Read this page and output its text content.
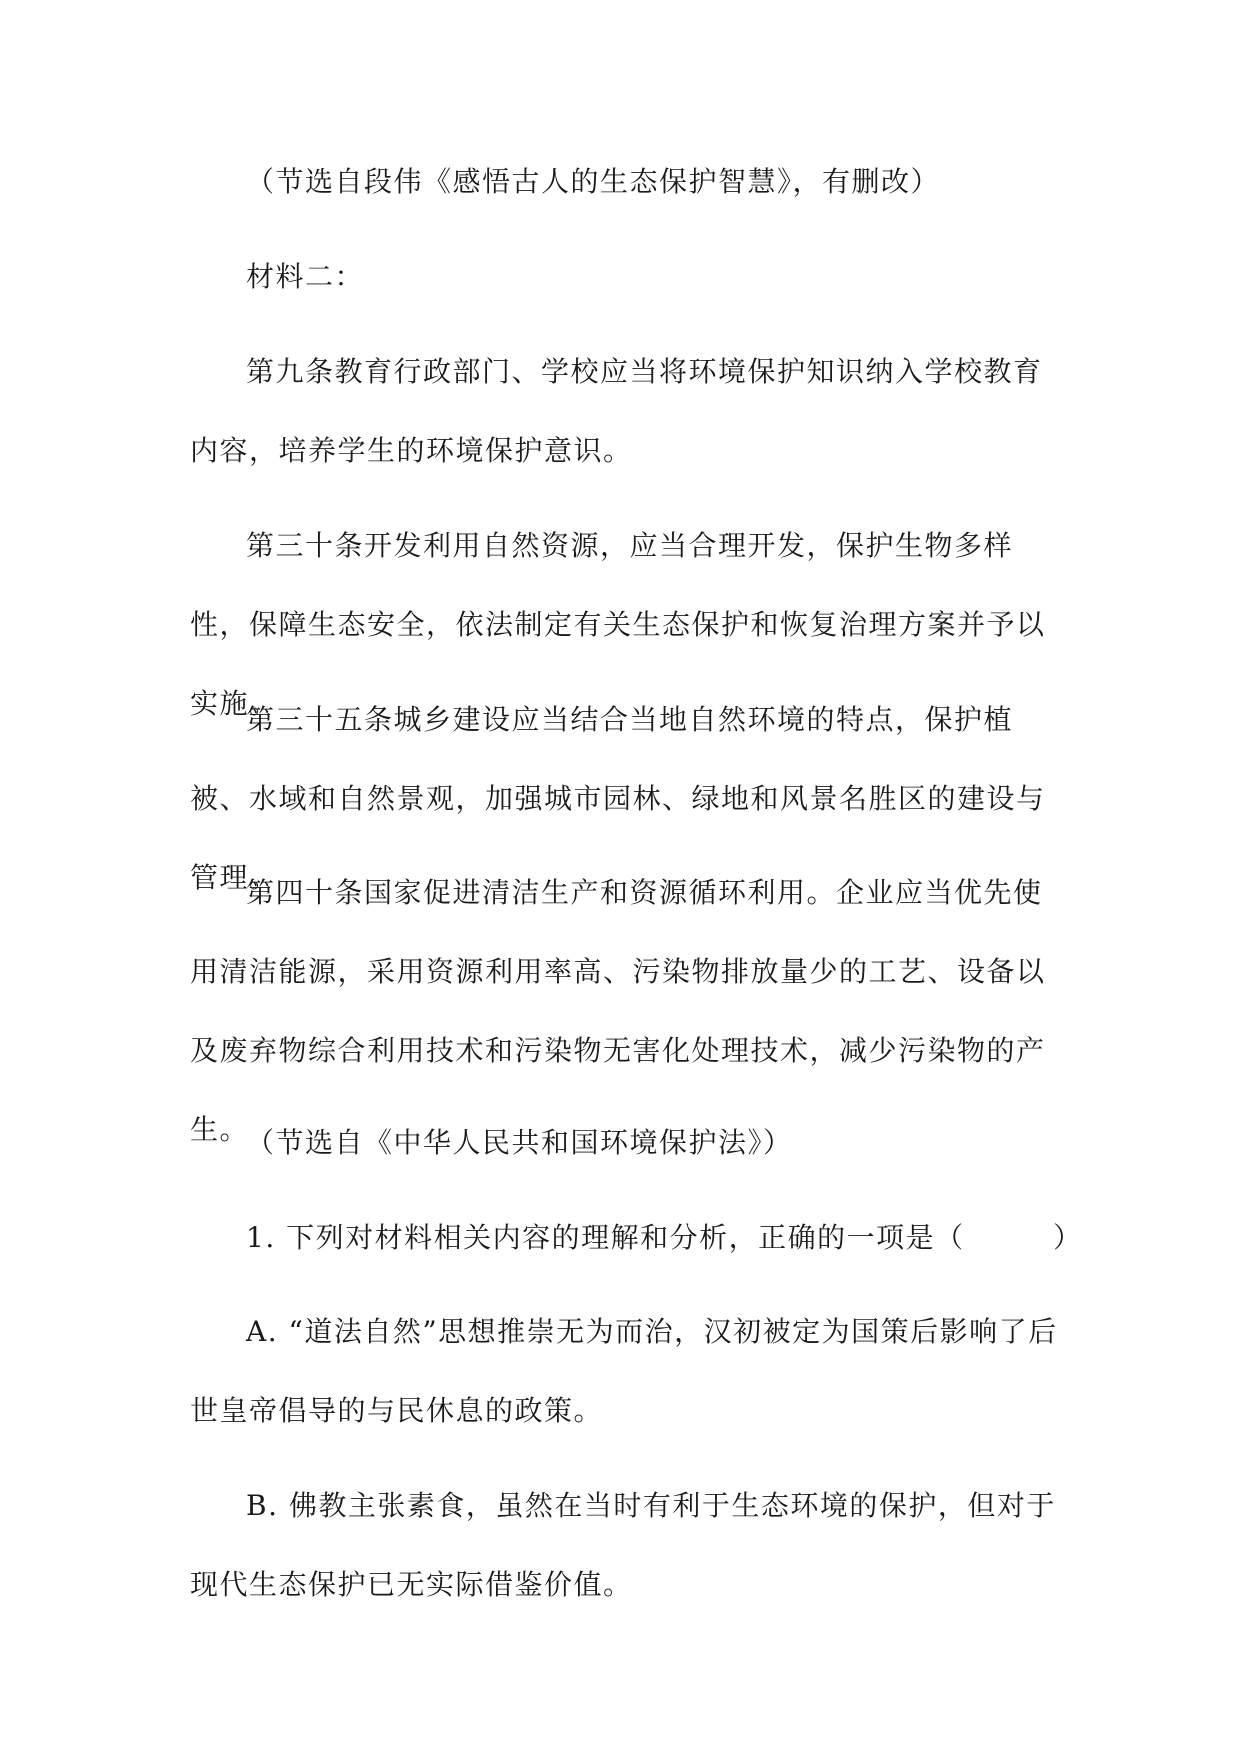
（节选自段伟《感悟古人的生态保护智慧》，有删改）

材料二：

第九条教育行政部门、学校应当将环境保护知识纳入学校教育内容，培养学生的环境保护意识。

第三十条开发利用自然资源，应当合理开发，保护生物多样性，保障生态安全，依法制定有关生态保护和恢复治理方案并予以实施。

第三十五条城乡建设应当结合当地自然环境的特点，保护植被、水域和自然景观，加强城市园林、绿地和风景名胜区的建设与管理。

第四十条国家促进清洁生产和资源循环利用。企业应当优先使用清洁能源，采用资源利用率高、污染物排放量少的工艺、设备以及废弃物综合利用技术和污染物无害化处理技术，减少污染物的产生。

（节选自《中华人民共和国环境保护法》）

1. 下列对材料相关内容的理解和分析，正确的一项是（　　　）

A. “道法自然”思想推崇无为而治，汉初被定为国策后影响了后世皇帝倡导的与民休息的政策。

B. 佛教主张素食，虽然在当时有利于生态环境的保护，但对于现代生态保护已无实际借鉴价值。
